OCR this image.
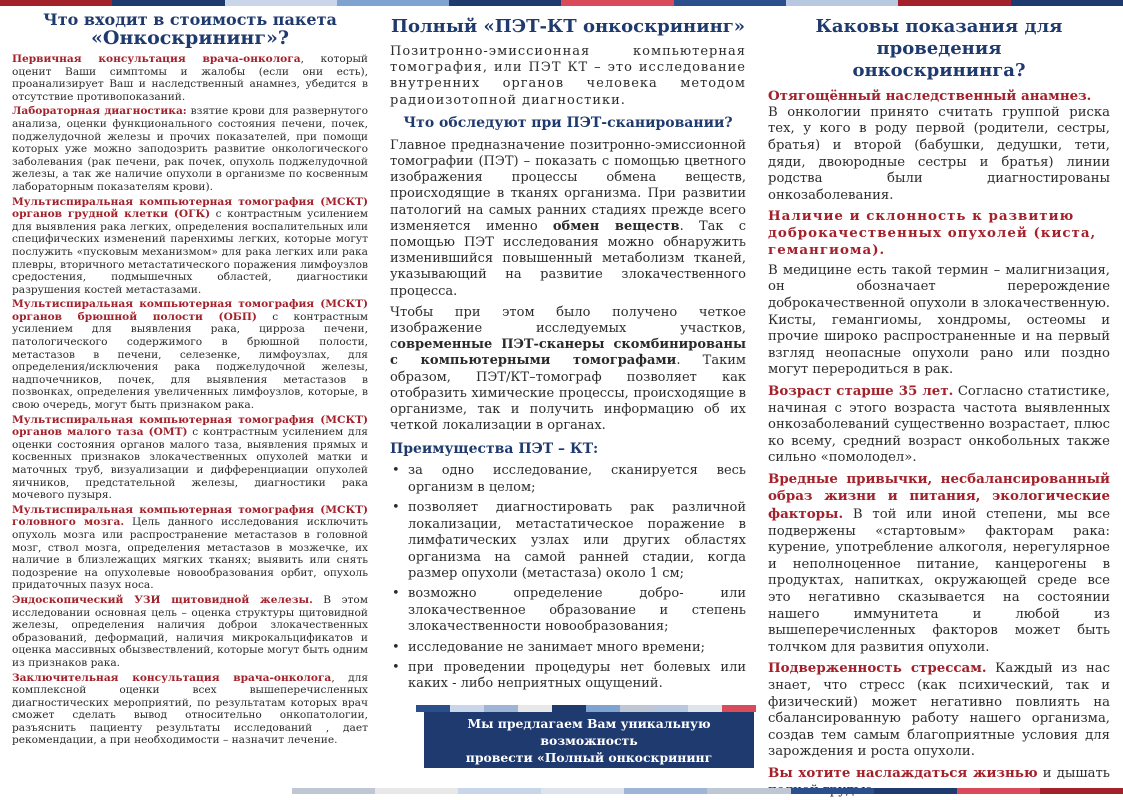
Что входит в стоимость пакета
«Онкоскрининг»?

Первичная консультация врача-онколога, который оценит Ваши симптомы и жалобы (если они есть), проанализирует Ваш и наследственный анамнез, убедится в отсутствие противопоказаний.

Лабораторная диагностика: взятие крови для развернутого анализа, оценки функционального состояния печени, почек, поджелудочной железы и прочих показателей, при помощи которых уже можно заподозрить развитие онкологического заболевания (рак печени, рак почек, опухоль поджелудочной железы, а так же наличие опухоли в организме по косвенным лабораторным показателям крови).

Мультиспиральная компьютерная томография (МСКТ) органов грудной клетки (ОГК) с контрастным усилением для выявления рака легких, определения воспалительных или специфических изменений паренхимы легких, которые могут послужить «пусковым механизмом» для рака легких или рака плевры, вторичного метастатического поражения лимфоузлов средостения, подмышечных областей, диагностики разрушения костей метастазами.

Мультиспиральная компьютерная томография (МСКТ) органов брюшной полости (ОБП) с контрастным усилением для выявления рака, цирроза печени, патологического содержимого в брюшной полости, метастазов в печени, селезенке, лимфоузлах, для определения/исключения рака поджелудочной железы, надпочечников, почек, для выявления метастазов в позвонках, определения увеличенных лимфоузлов, которые, в свою очередь, могут быть признаком рака.

Мультиспиральная компьютерная томография (МСКТ) органов малого таза (ОМТ) с контрастным усилением для оценки состояния органов малого таза, выявления прямых и косвенных признаков злокачественных опухолей матки и маточных труб, визуализации и дифференциации опухолей яичников, предстательной железы, диагностики рака мочевого пузыря.

Мультиспиральная компьютерная томография (МСКТ) головного мозга. Цель данного исследования исключить опухоль мозга или распространение метастазов в головной мозг, ствол мозга, определения метастазов в мозжечке, их наличие в близлежащих мягких тканях; выявить или снять подозрение на опухолевые новообразования орбит, опухоль придаточных пазух носа.

Эндоскопический УЗИ щитовидной железы. В этом исследовании основная цель – оценка структуры щитовидной железы, определения наличия доброи злокачественных образований, деформаций, наличия микрокальцификатов и оценка массивных обызвествлений, которые могут быть одним из признаков рака.

Заключительная консультация врача-онколога, для комплексной оценки всех вышеперечисленных диагностических мероприятий, по результатам которых врач сможет сделать вывод относительно онкопатологии, разъяснить пациенту результаты исследований , дает рекомендации, а при необходимости – назначит лечение.

Полный «ПЭТ-КТ онкоскрининг»

Позитронно-эмиссионная компьютерная томография, или ПЭТ КТ – это исследование внутренних органов человека методом радиоизотопной диагностики.

Что обследуют при ПЭТ-сканировании?

Главное предназначение позитронно-эмиссионной томографии (ПЭТ) – показать с помощью цветного изображения процессы обмена веществ, происходящие в тканях организма. При развитии патологий на самых ранних стадиях прежде всего изменяется именно обмен веществ. Так с помощью ПЭТ исследования можно обнаружить изменившийся повышенный метаболизм тканей, указывающий на развитие злокачественного процесса.

Чтобы при этом было получено четкое изображение исследуемых участков, современные ПЭТ-сканеры скомбинированы с компьютерными томографами. Таким образом, ПЭТ/КТ–томограф позволяет как отобразить химические процессы, происходящие в организме, так и получить информацию об их четкой локализации в органах.

Преимущества ПЭТ – КТ:
• за одно исследование, сканируется весь организм в целом;
• позволяет диагностировать рак различной локализации, метастатическое поражение в лимфатических узлах или других областях организма на самой ранней стадии, когда размер опухоли (метастаза) около 1 см;
• возможно определение добро- или злокачественное образование и степень злокачественности новообразования;
• исследование не занимает много времени;
• при проведении процедуры нет болевых или каких - либо неприятных ощущений.
Мы предлагаем Вам уникальную возможность
провести «Полный онкоскрининг
с использованием ПЭТ-КТ» за приемлемую
Каковы показания для проведения
онкоскрининга?
Отягощённый наследственный анамнез.

В онкологии принято считать группой риска тех, у кого в роду первой (родители, сестры, братья) и второй (бабушки, дедушки, тети, дяди, двоюродные сестры и братья) линии родства были диагностированы онкозаболевания.

Наличие и склонность к развитию доброкачественных опухолей (киста, гемангиома).

В медицине есть такой термин – малигнизация, он обозначает перерождение доброкачественной опухоли в злокачественную. Кисты, гемангиомы, хондромы, остеомы и прочие широко распространенные и на первый взгляд неопасные опухоли рано или поздно могут переродиться в рак.

Возраст старше 35 лет. Согласно статистике, начиная с этого возраста частота выявленных онкозаболеваний существенно возрастает, плюс ко всему, средний возраст онкобольных также сильно «помолодел».

Вредные привычки, несбалансированный образ жизни и питания, экологические факторы. В той или иной степени, мы все подвержены «стартовым» факторам рака: курение, употребление алкоголя, нерегулярное и неполноценное питание, канцерогены в продуктах, напитках, окружающей среде все это негативно сказывается на состоянии нашего иммунитета и любой из вышеперечисленных факторов может быть толчком для развития опухоли.

Подверженность стрессам. Каждый из нас знает, что стресс (как психический, так и физический) может негативно повлиять на сбалансированную работу нашего организма, создав тем самым благоприятные условия для зарождения и роста опухоли.

Вы хотите наслаждаться жизнью и дышать
